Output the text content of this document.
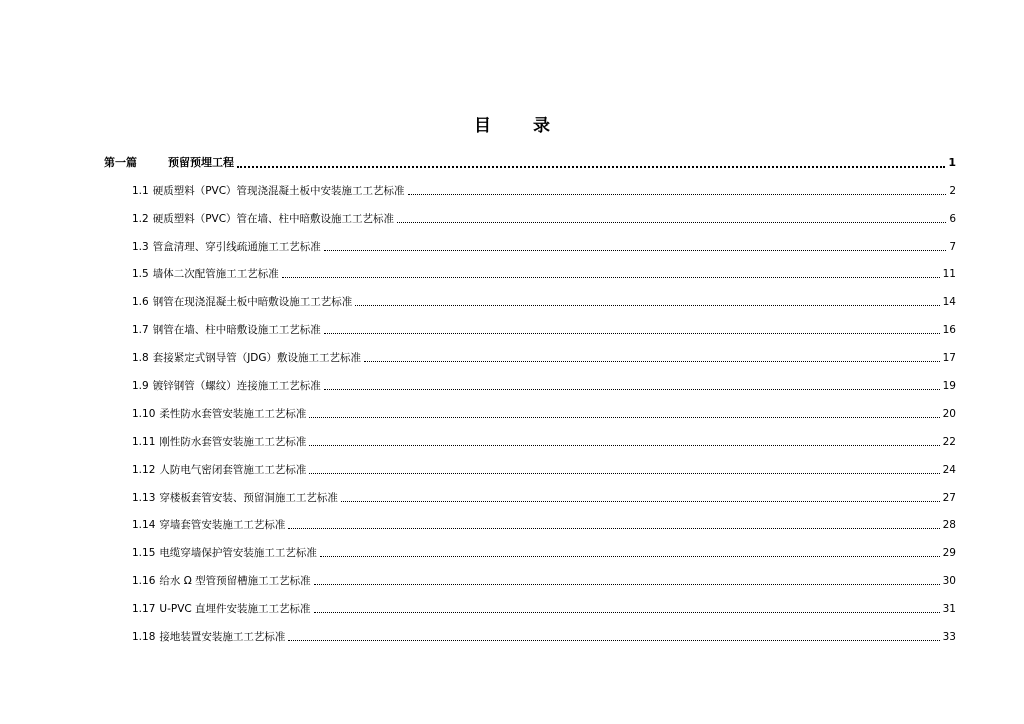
目 录
第一篇	预留预埋工程	1
1.1 硬质塑料（PVC）管现浇混凝土板中安装施工工艺标准	2
1.2 硬质塑料（PVC）管在墙、柱中暗敷设施工工艺标准	6
1.3 管盒清理、穿引线疏通施工工艺标准	7
1.5 墙体二次配管施工工艺标准	11
1.6 钢管在现浇混凝土板中暗敷设施工工艺标准	14
1.7 钢管在墙、柱中暗敷设施工工艺标准	16
1.8 套接紧定式钢导管（JDG）敷设施工工艺标准	17
1.9 镀锌钢管（螺纹）连接施工工艺标准	19
1.10 柔性防水套管安装施工工艺标准	20
1.11 刚性防水套管安装施工工艺标准	22
1.12 人防电气密闭套管施工工艺标准	24
1.13 穿楼板套管安装、预留洞施工工艺标准	27
1.14 穿墙套管安装施工工艺标准	28
1.15 电缆穿墙保护管安装施工工艺标准	29
1.16 给水 Ω 型管预留槽施工工艺标准	30
1.17 U-PVC 直埋件安装施工工艺标准	31
1.18 接地装置安装施工工艺标准	33
